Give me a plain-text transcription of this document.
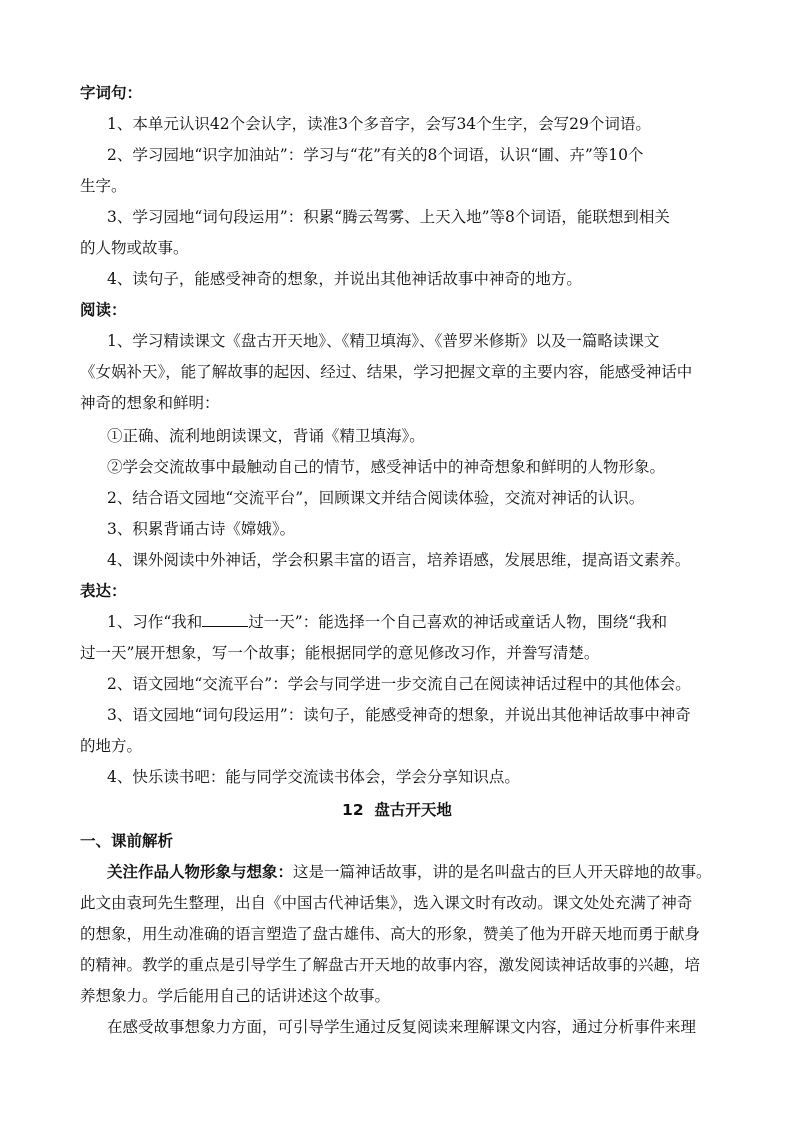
字词句：
1、本单元认识42个会认字，读准3个多音字，会写34个生字，会写29个词语。
2、学习园地“识字加油站”：学习与“花”有关的8个词语，认识“圃、卉”等10个
生字。
3、学习园地“词句段运用”：积累“腾云驾雾、上天入地”等8个词语，能联想到相关
的人物或故事。
4、读句子，能感受神奇的想象，并说出其他神话故事中神奇的地方。
阅读：
1、学习精读课文《盘古开天地》、《精卫填海》、《普罗米修斯》以及一篇略读课文
《女娲补天》，能了解故事的起因、经过、结果，学习把握文章的主要内容，能感受神话中
神奇的想象和鲜明：
①正确、流利地朗读课文，背诵《精卫填海》。
②学会交流故事中最触动自己的情节，感受神话中的神奇想象和鲜明的人物形象。
2、结合语文园地“交流平台”，回顾课文并结合阅读体验，交流对神话的认识。
3、积累背诵古诗《嫦娥》。
4、课外阅读中外神话，学会积累丰富的语言，培养语感，发展思维，提高语文素养。
表达：
1、习作“我和	过一天”：能选择一个自己喜欢的神话或童话人物，围绕“我和
过一天”展开想象，写一个故事；能根据同学的意见修改习作，并誊写清楚。
2、语文园地“交流平台”：学会与同学进一步交流自己在阅读神话过程中的其他体会。
3、语文园地“词句段运用”：读句子，能感受神奇的想象，并说出其他神话故事中神奇
的地方。
4、快乐读书吧：能与同学交流读书体会，学会分享知识点。
12 盘古开天地
一、课前解析
关注作品人物形象与想象：这是一篇神话故事，讲的是名叫盘古的巨人开天辟地的故事。
此文由袁珂先生整理，出自《中国古代神话集》，选入课文时有改动。课文处处充满了神奇
的想象，用生动准确的语言塑造了盘古雄伟、高大的形象，赞美了他为开辟天地而勇于献身
的精神。教学的重点是引导学生了解盘古开天地的故事内容，激发阅读神话故事的兴趣，培
养想象力。学后能用自己的话讲述这个故事。
在感受故事想象力方面，可引导学生通过反复阅读来理解课文内容，通过分析事件来理
